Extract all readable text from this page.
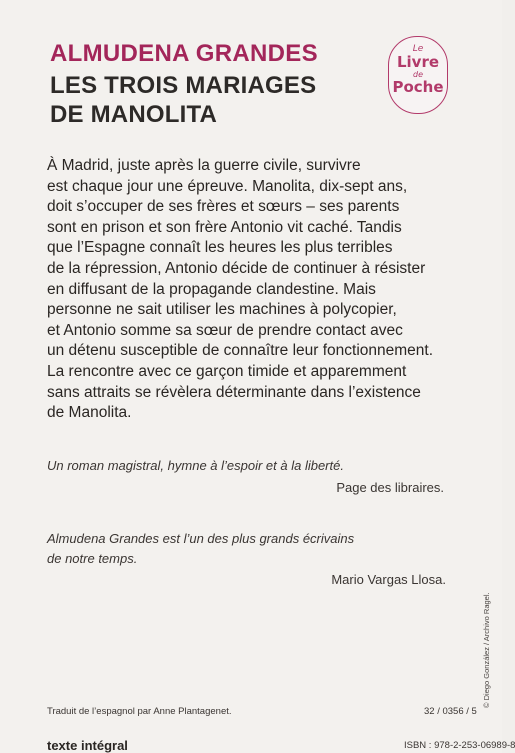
ALMUDENA GRANDES
LES TROIS MARIAGES
DE MANOLITA
Le
Livre
de
Poche
À Madrid, juste après la guerre civile, survivre
est chaque jour une épreuve. Manolita, dix-sept ans,
doit s’occuper de ses frères et sœurs – ses parents
sont en prison et son frère Antonio vit caché. Tandis
que l’Espagne connaît les heures les plus terribles
de la répression, Antonio décide de continuer à résister
en diffusant de la propagande clandestine. Mais
personne ne sait utiliser les machines à polycopier,
et Antonio somme sa sœur de prendre contact avec
un détenu susceptible de connaître leur fonctionnement.
La rencontre avec ce garçon timide et apparemment
sans attraits se révèlera déterminante dans l’existence
de Manolita.
Un roman magistral, hymne à l’espoir et à la liberté.
Page des libraires.
Almudena Grandes est l’un des plus grands écrivains
de notre temps.
Mario Vargas Llosa.
© Diego González / Archivo Ragel.
Traduit de l’espagnol par Anne Plantagenet.	32 / 0356 / 5
texte intégral	ISBN : 978-2-253-06989-8
